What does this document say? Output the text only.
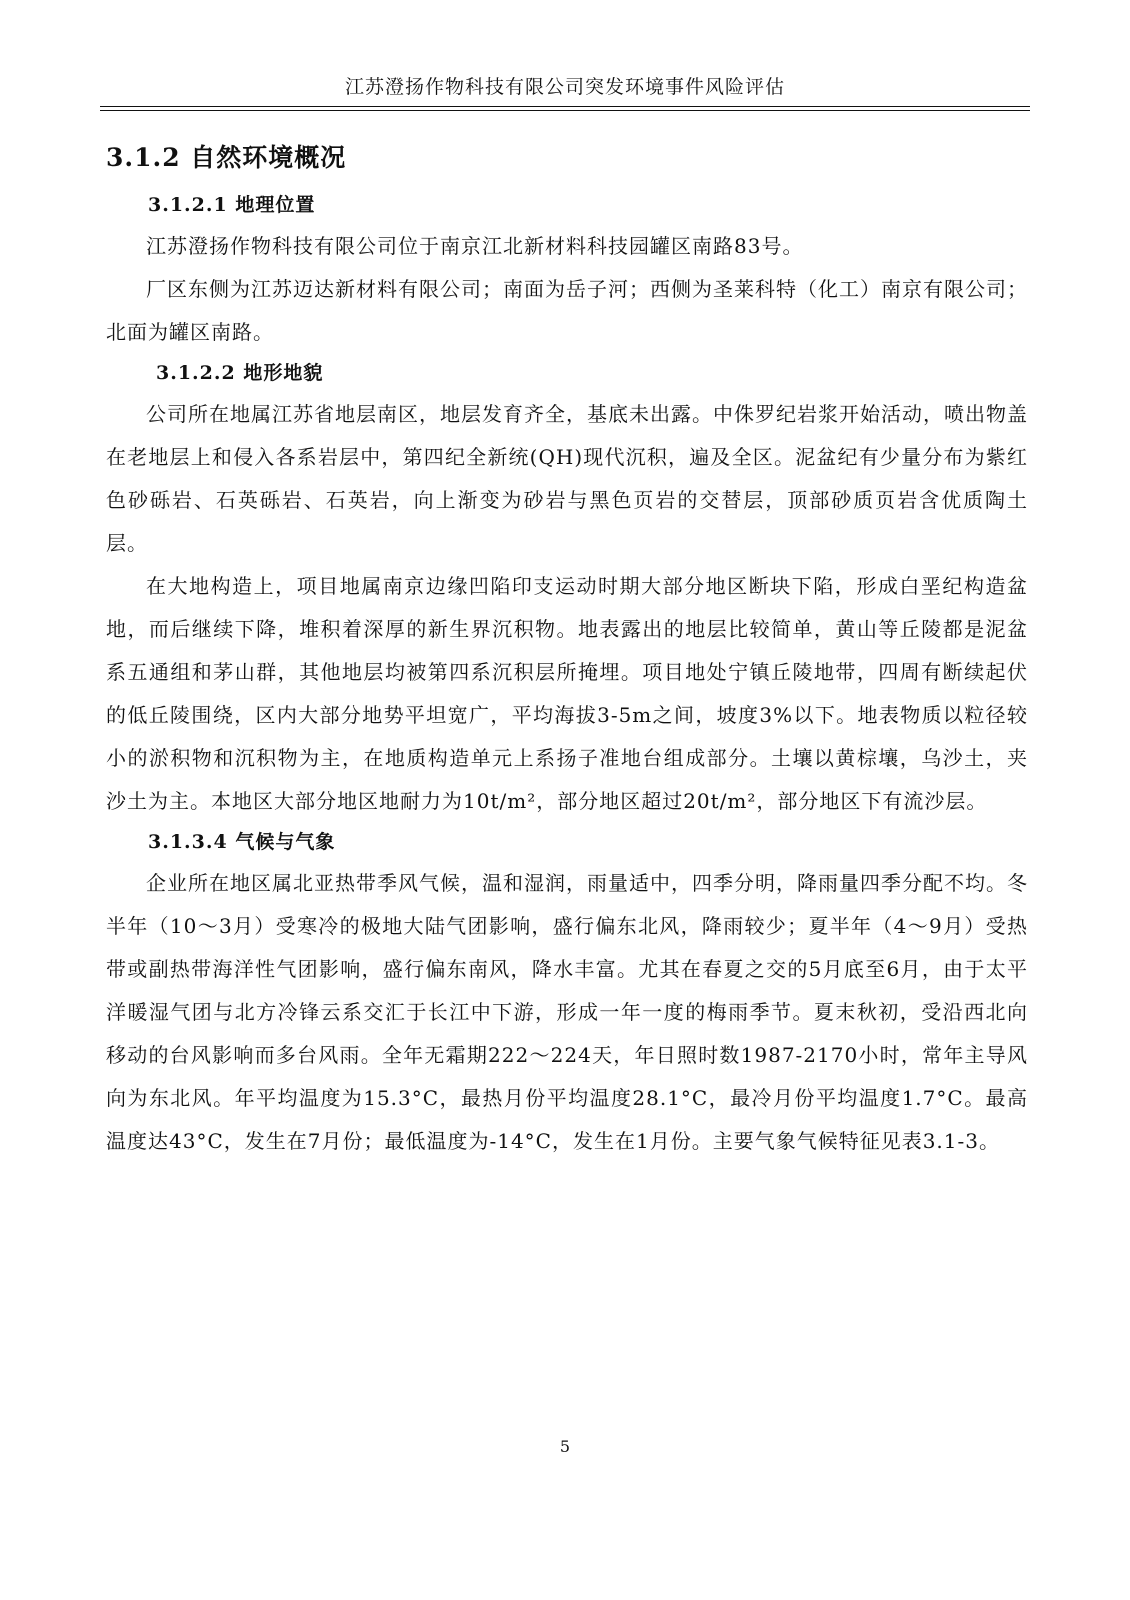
江苏澄扬作物科技有限公司突发环境事件风险评估
3.1.2 自然环境概况
3.1.2.1 地理位置

江苏澄扬作物科技有限公司位于南京江北新材料科技园罐区南路83号。

厂区东侧为江苏迈达新材料有限公司；南面为岳子河；西侧为圣莱科特（化工）南京有限公司；北面为罐区南路。

3.1.2.2 地形地貌

公司所在地属江苏省地层南区，地层发育齐全，基底未出露。中侏罗纪岩浆开始活动，喷出物盖在老地层上和侵入各系岩层中，第四纪全新统(QH)现代沉积，遍及全区。泥盆纪有少量分布为紫红色砂砾岩、石英砾岩、石英岩，向上渐变为砂岩与黑色页岩的交替层，顶部砂质页岩含优质陶土层。

在大地构造上，项目地属南京边缘凹陷印支运动时期大部分地区断块下陷，形成白垩纪构造盆地，而后继续下降，堆积着深厚的新生界沉积物。地表露出的地层比较简单，黄山等丘陵都是泥盆系五通组和茅山群，其他地层均被第四系沉积层所掩埋。项目地处宁镇丘陵地带，四周有断续起伏的低丘陵围绕，区内大部分地势平坦宽广，平均海拔3-5m之间，坡度3%以下。地表物质以粒径较小的淤积物和沉积物为主，在地质构造单元上系扬子准地台组成部分。土壤以黄棕壤，乌沙土，夹沙土为主。本地区大部分地区地耐力为10t/m²，部分地区超过20t/m²，部分地区下有流沙层。

3.1.3.4 气候与气象

企业所在地区属北亚热带季风气候，温和湿润，雨量适中，四季分明，降雨量四季分配不均。冬半年（10～3月）受寒冷的极地大陆气团影响，盛行偏东北风，降雨较少；夏半年（4～9月）受热带或副热带海洋性气团影响，盛行偏东南风，降水丰富。尤其在春夏之交的5月底至6月，由于太平洋暖湿气团与北方冷锋云系交汇于长江中下游，形成一年一度的梅雨季节。夏末秋初，受沿西北向移动的台风影响而多台风雨。全年无霜期222～224天，年日照时数1987-2170小时，常年主导风向为东北风。年平均温度为15.3°C，最热月份平均温度28.1°C，最冷月份平均温度1.7°C。最高温度达43°C，发生在7月份；最低温度为-14°C，发生在1月份。主要气象气候特征见表3.1-3。

5
